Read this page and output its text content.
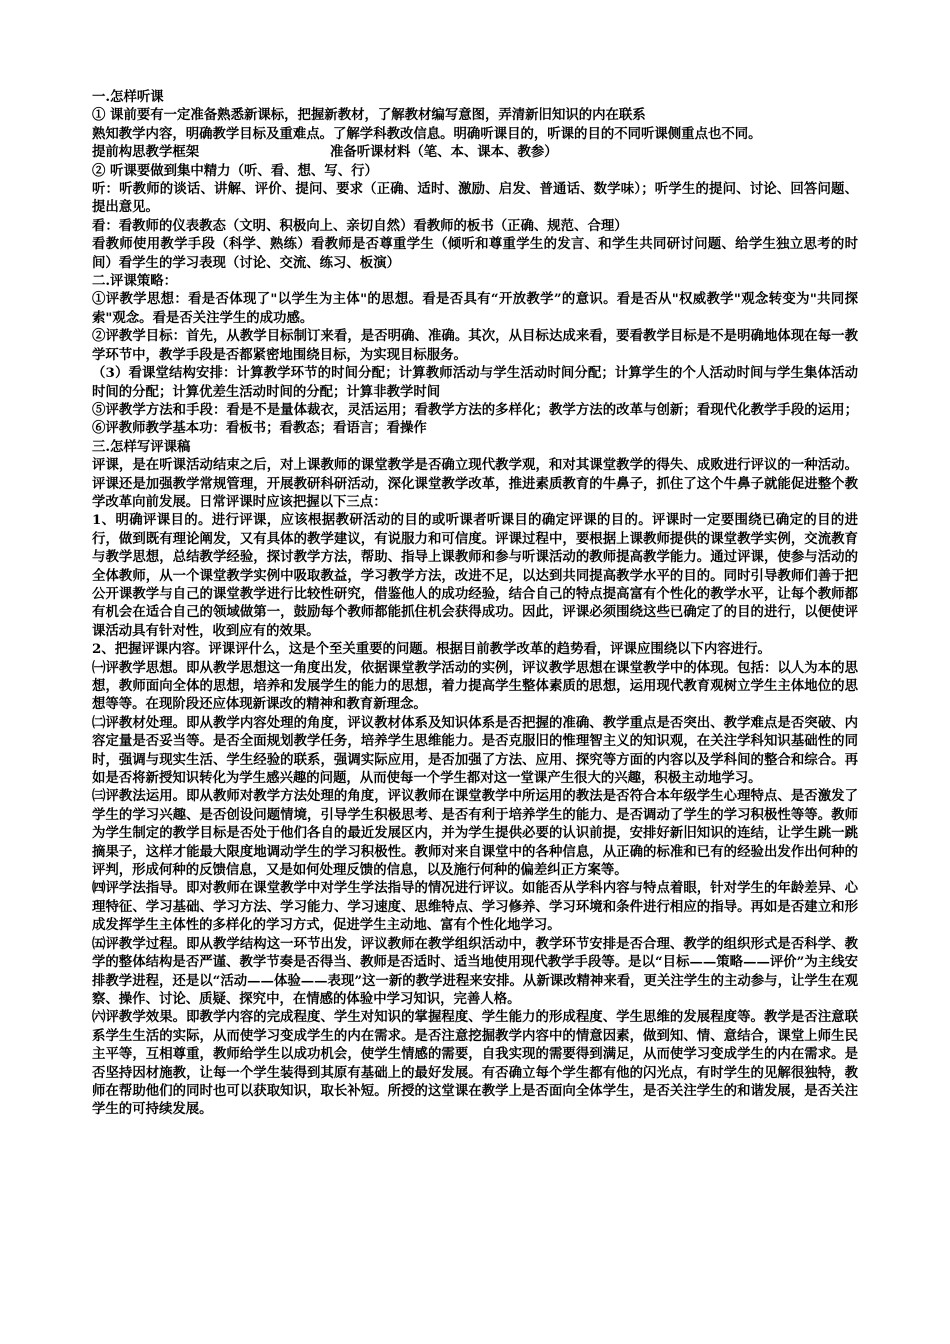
一.怎样听课

① 课前要有一定准备熟悉新课标，把握新教材，了解教材编写意图，弄清新旧知识的内在联系

熟知教学内容，明确教学目标及重难点。了解学科教改信息。明确听课目的，听课的目的不同听课侧重点也不同。

提前构思教学框架	准备听课材料（笔、本、课本、教参）

② 听课要做到集中精力（听、看、想、写、行）

听：听教师的谈话、讲解、评价、提问、要求（正确、适时、激励、启发、普通话、数学味）；听学生的提问、讨论、回答问题、提出意见。

看：看教师的仪表教态（文明、积极向上、亲切自然）看教师的板书（正确、规范、合理）

看教师使用教学手段（科学、熟练）看教师是否尊重学生（倾听和尊重学生的发言、和学生共同研讨问题、给学生独立思考的时间）看学生的学习表现（讨论、交流、练习、板演）

二.评课策略：

①评教学思想：看是否体现了"以学生为主体"的思想。看是否具有“开放教学”的意识。看是否从"权威教学"观念转变为"共同探索"观念。看是否关注学生的成功感。

②评教学目标：首先，从教学目标制订来看，是否明确、准确。其次，从目标达成来看，要看教学目标是不是明确地体现在每一教学环节中，教学手段是否都紧密地围绕目标，为实现目标服务。

（3）看课堂结构安排：计算教学环节的时间分配；计算教师活动与学生活动时间分配；计算学生的个人活动时间与学生集体活动时间的分配；计算优差生活动时间的分配；计算非教学时间

⑤评教学方法和手段：看是不是量体裁衣，灵活运用；看教学方法的多样化；教学方法的改革与创新；看现代化教学手段的运用；⑥评教师教学基本功：看板书；看教态；看语言；看操作

三.怎样写评课稿

评课，是在听课活动结束之后，对上课教师的课堂教学是否确立现代教学观，和对其课堂教学的得失、成败进行评议的一种活动。评课还是加强教学常规管理，开展教研科研活动，深化课堂教学改革，推进素质教育的牛鼻子，抓住了这个牛鼻子就能促进整个教学改革向前发展。日常评课时应该把握以下三点：

1、明确评课目的。进行评课，应该根据教研活动的目的或听课者听课目的确定评课的目的。评课时一定要围绕已确定的目的进行，做到既有理论阐发，又有具体的教学建议，有说服力和可信度。评课过程中，要根据上课教师提供的课堂教学实例，交流教育与教学思想，总结教学经验，探讨教学方法，帮助、指导上课教师和参与听课活动的教师提高教学能力。通过评课，使参与活动的全体教师，从一个课堂教学实例中吸取教益，学习教学方法，改进不足，以达到共同提高教学水平的目的。同时引导教师们善于把公开课教学与自己的课堂教学进行比较性研究，借鉴他人的成功经验，结合自己的特点提高富有个性化的教学水平，让每个教师都有机会在适合自己的领域做第一，鼓励每个教师都能抓住机会获得成功。因此，评课必须围绕这些已确定了的目的进行，以便使评课活动具有针对性，收到应有的效果。

2、把握评课内容。评课评什么，这是个至关重要的问题。根据目前教学改革的趋势看，评课应围绕以下内容进行。

㈠评教学思想。即从教学思想这一角度出发，依据课堂教学活动的实例，评议教学思想在课堂教学中的体现。包括：以人为本的思想，教师面向全体的思想，培养和发展学生的能力的思想，着力提高学生整体素质的思想，运用现代教育观树立学生主体地位的思想等等。在现阶段还应体现新课改的精神和教育新理念。

㈡评教材处理。即从教学内容处理的角度，评议教材体系及知识体系是否把握的准确、教学重点是否突出、教学难点是否突破、内容定量是否妥当等。是否全面规划教学任务，培养学生思维能力。是否克服旧的惟理智主义的知识观，在关注学科知识基础性的同时，强调与现实生活、学生经验的联系，强调实际应用，是否加强了方法、应用、探究等方面的内容以及学科间的整合和综合。再如是否将新授知识转化为学生感兴趣的问题，从而使每一个学生都对这一堂课产生很大的兴趣，积极主动地学习。

㈢评教法运用。即从教师对教学方法处理的角度，评议教师在课堂教学中所运用的教法是否符合本年级学生心理特点、是否激发了学生的学习兴趣、是否创设问题情境，引导学生积极思考、是否有利于培养学生的能力、是否调动了学生的学习积极性等等。教师为学生制定的教学目标是否处于他们各自的最近发展区内，并为学生提供必要的认识前提，安排好新旧知识的连结，让学生跳一跳摘果子，这样才能最大限度地调动学生的学习积极性。教师对来自课堂中的各种信息，从正确的标准和已有的经验出发作出何种的评判，形成何种的反馈信息，又是如何处理反馈的信息，以及施行何种的偏差纠正方案等。

㈣评学法指导。即对教师在课堂教学中对学生学法指导的情况进行评议。如能否从学科内容与特点着眼，针对学生的年龄差异、心理特征、学习基础、学习方法、学习能力、学习速度、思维特点、学习修养、学习环境和条件进行相应的指导。再如是否建立和形成发挥学生主体性的多样化的学习方式，促进学生主动地、富有个性化地学习。

㈤评教学过程。即从教学结构这一环节出发，评议教师在教学组织活动中，教学环节安排是否合理、教学的组织形式是否科学、教学的整体结构是否严谨、教学节奏是否得当、教师是否适时、适当地使用现代教学手段等。是以“目标——策略——评价”为主线安排教学进程，还是以“活动——体验——表现”这一新的教学进程来安排。从新课改精神来看，更关注学生的主动参与，让学生在观察、操作、讨论、质疑、探究中，在情感的体验中学习知识，完善人格。

㈥评教学效果。即教学内容的完成程度、学生对知识的掌握程度、学生能力的形成程度、学生思维的发展程度等。教学是否注意联系学生生活的实际，从而使学习变成学生的内在需求。是否注意挖掘教学内容中的情意因素，做到知、情、意结合，课堂上师生民主平等，互相尊重，教师给学生以成功机会，使学生情感的需要，自我实现的需要得到满足，从而使学习变成学生的内在需求。是否坚持因材施教，让每一个学生装得到其原有基础上的最好发展。有否确立每个学生都有他的闪光点，有时学生的见解很独特，教师在帮助他们的同时也可以获取知识，取长补短。所授的这堂课在教学上是否面向全体学生，是否关注学生的和谐发展，是否关注学生的可持续发展。
